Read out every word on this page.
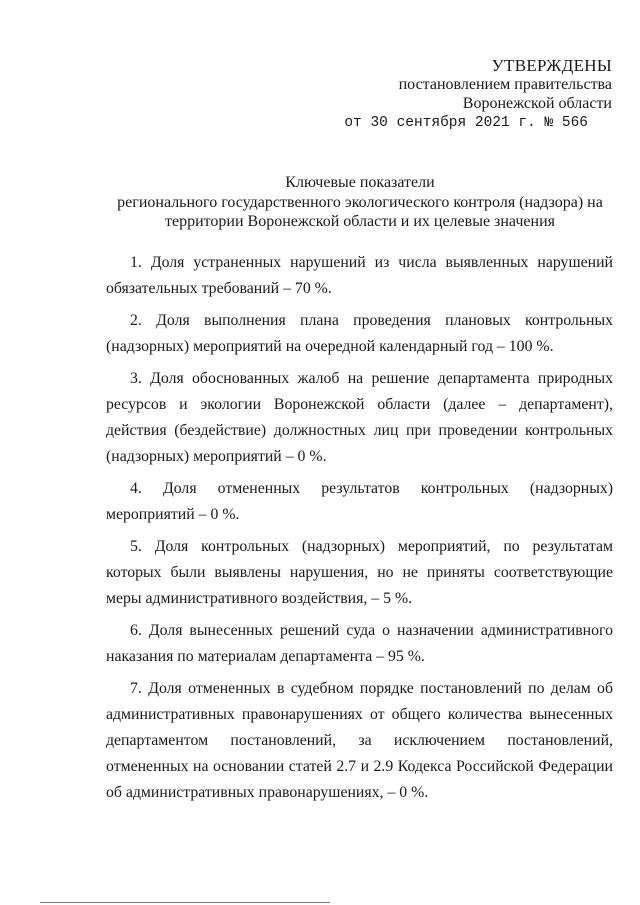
УТВЕРЖДЕНЫ
постановлением правительства
Воронежской области
от 30 сентября 2021 г. № 566
Ключевые показатели
регионального государственного экологического контроля (надзора) на
территории Воронежской области и их целевые значения

1. Доля устраненных нарушений из числа выявленных нарушений обязательных требований – 70 %.

2. Доля выполнения плана проведения плановых контрольных (надзорных) мероприятий на очередной календарный год – 100 %.

3. Доля обоснованных жалоб на решение департамента природных ресурсов и экологии Воронежской области (далее – департамент), действия (бездействие) должностных лиц при проведении контрольных (надзорных) мероприятий – 0 %.

4. Доля отмененных результатов контрольных (надзорных) мероприятий – 0 %.

5. Доля контрольных (надзорных) мероприятий, по результатам которых были выявлены нарушения, но не приняты соответствующие меры административного воздействия, – 5 %.

6. Доля вынесенных решений суда о назначении административного наказания по материалам департамента – 95 %.

7. Доля отмененных в судебном порядке постановлений по делам об административных правонарушениях от общего количества вынесенных департаментом постановлений, за исключением постановлений, отмененных на основании статей 2.7 и 2.9 Кодекса Российской Федерации об административных правонарушениях, – 0 %.
